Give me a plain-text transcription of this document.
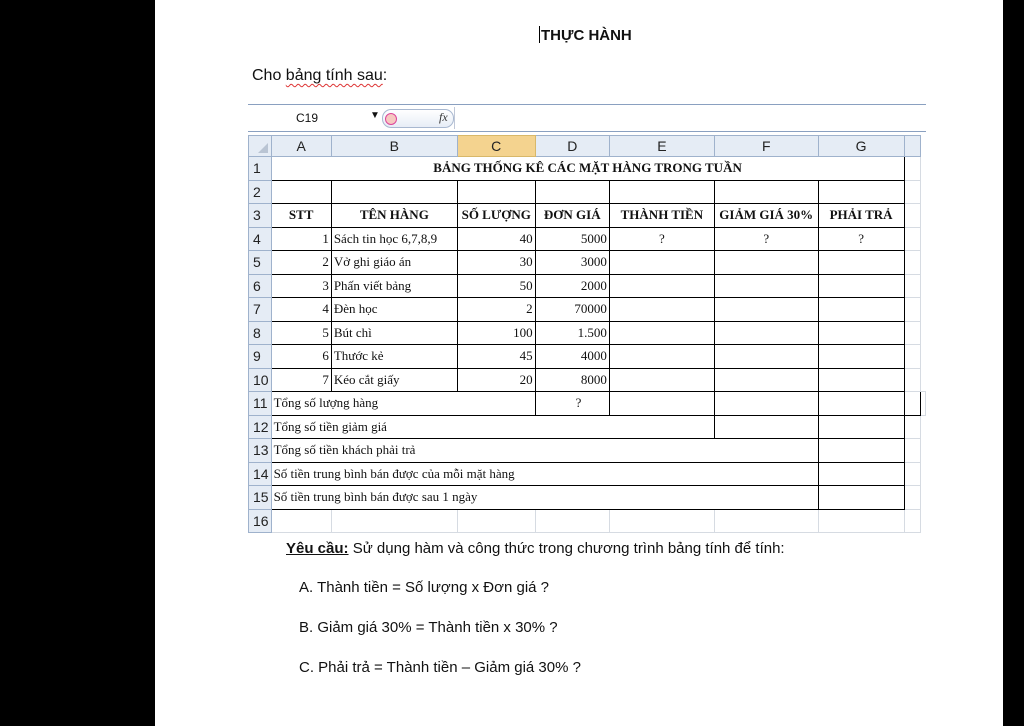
THỰC HÀNH
Cho bảng tính sau:
C19	▼	fx
	A	B	C	D	E	F	G		
1	BẢNG THỐNG KÊ CÁC MẶT HÀNG TRONG TUẦN								
2									
3	STT	TÊN HÀNG	SỐ LƯỢNG	ĐƠN GIÁ	THÀNH TIỀN	GIẢM GIÁ 30%	PHẢI TRẢ		
4	1	Sách tin học 6,7,8,9	40	5000	?	?	?		
5	2	Vở ghi giáo án	30	3000					
6	3	Phấn viết bảng	50	2000					
7	4	Đèn học	2	70000					
8	5	Bút chì	100	1.500					
9	6	Thước kẻ	45	4000					
10	7	Kéo cắt giấy	20	8000					
11	Tổng số lượng hàng			?					
12	Tổng số tiền giảm giá								
13	Tổng số tiền khách phải trả								
14	Số tiền trung bình bán được của mỗi mặt hàng								
15	Số tiền trung bình bán được sau 1 ngày								
16									
Yêu cầu: Sử dụng hàm và công thức trong chương trình bảng tính để tính:
A. Thành tiền = Số lượng x Đơn giá ?
B. Giảm giá 30% = Thành tiền x 30% ?
C. Phải trả = Thành tiền – Giảm giá 30% ?
